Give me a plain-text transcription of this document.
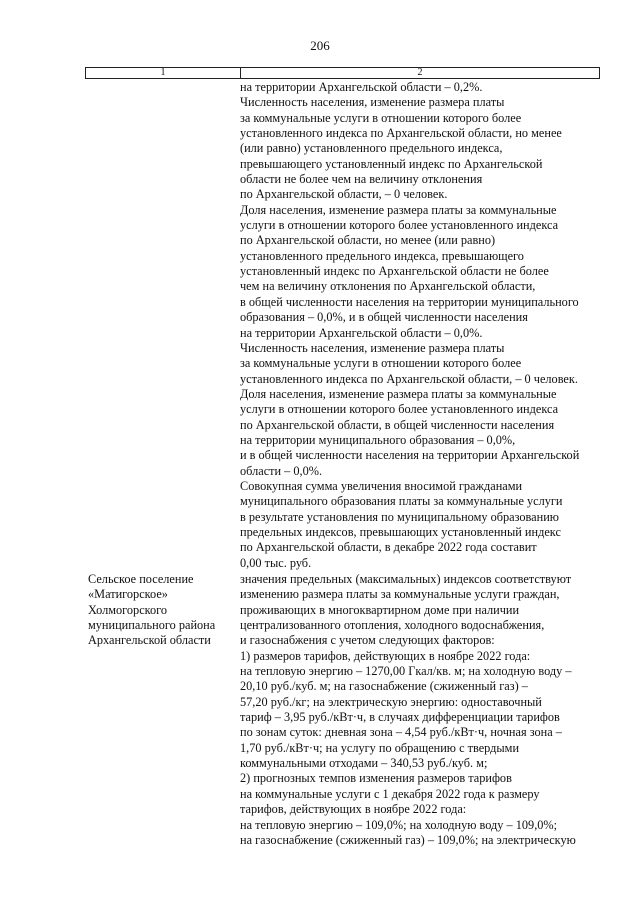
206
1	2
на территории Архангельской области – 0,2%.
Численность населения, изменение размера платы
за коммунальные услуги в отношении которого более
установленного индекса по Архангельской области, но менее
(или равно) установленного предельного индекса,
превышающего установленный индекс по Архангельской
области не более чем на величину отклонения
по Архангельской области, – 0 человек.
Доля населения, изменение размера платы за коммунальные
услуги в отношении которого более установленного индекса
по Архангельской области, но менее (или равно)
установленного предельного индекса, превышающего
установленный индекс по Архангельской области не более
чем на величину отклонения по Архангельской области,
в общей численности населения на территории муниципального
образования – 0,0%, и в общей численности населения
на территории Архангельской области – 0,0%.
Численность населения, изменение размера платы
за коммунальные услуги в отношении которого более
установленного индекса по Архангельской области, – 0 человек.
Доля населения, изменение размера платы за коммунальные
услуги в отношении которого более установленного индекса
по Архангельской области, в общей численности населения
на территории муниципального образования – 0,0%,
и в общей численности населения на территории Архангельской
области – 0,0%.
Совокупная сумма увеличения вносимой гражданами
муниципального образования платы за коммунальные услуги
в результате установления по муниципальному образованию
предельных индексов, превышающих установленный индекс
по Архангельской области, в декабре 2022 года составит
0,00 тыс. руб.
Сельское поселение
«Матигорское»
Холмогорского
муниципального района
Архангельской области
значения предельных (максимальных) индексов соответствуют
изменению размера платы за коммунальные услуги граждан,
проживающих в многоквартирном доме при наличии
централизованного отопления, холодного водоснабжения,
и газоснабжения с учетом следующих факторов:
1) размеров тарифов, действующих в ноябре 2022 года:
на тепловую энергию – 1270,00 Гкал/кв. м; на холодную воду –
20,10 руб./куб. м; на газоснабжение (сжиженный газ) –
57,20 руб./кг; на электрическую энергию: одноставочный
тариф – 3,95 руб./кВт·ч, в случаях дифференциации тарифов
по зонам суток: дневная зона – 4,54 руб./кВт·ч, ночная зона –
1,70 руб./кВт·ч; на услугу по обращению с твердыми
коммунальными отходами – 340,53 руб./куб. м;
2) прогнозных темпов изменения размеров тарифов
на коммунальные услуги с 1 декабря 2022 года к размеру
тарифов, действующих в ноябре 2022 года:
на тепловую энергию – 109,0%; на холодную воду – 109,0%;
на газоснабжение (сжиженный газ) – 109,0%; на электрическую
